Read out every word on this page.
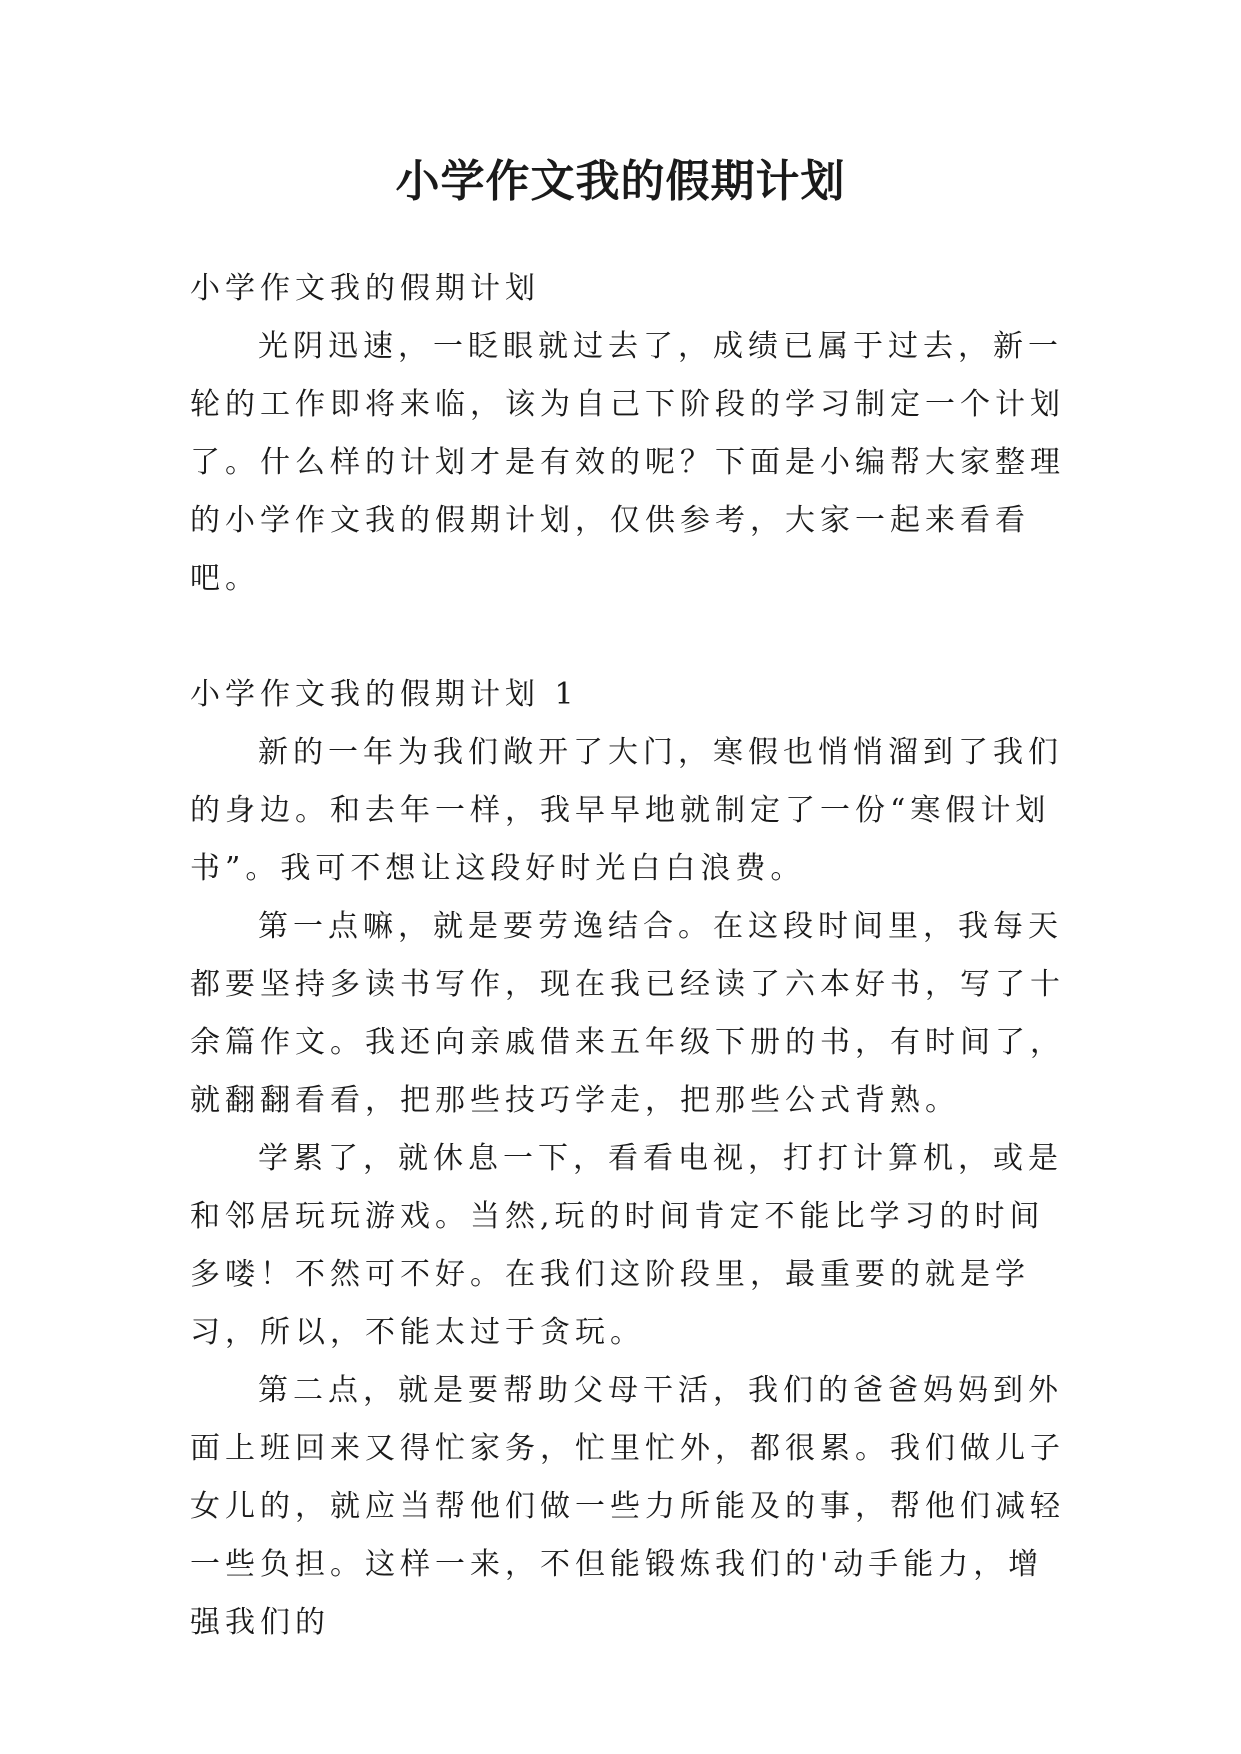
小学作文我的假期计划

小学作文我的假期计划

光阴迅速，一眨眼就过去了，成绩已属于过去，新一轮的工作即将来临，该为自己下阶段的学习制定一个计划了。什么样的计划才是有效的呢？下面是小编帮大家整理的小学作文我的假期计划，仅供参考，大家一起来看看吧。

小学作文我的假期计划 1

新的一年为我们敞开了大门，寒假也悄悄溜到了我们的身边。和去年一样，我早早地就制定了一份“寒假计划书”。我可不想让这段好时光白白浪费。

第一点嘛，就是要劳逸结合。在这段时间里，我每天都要坚持多读书写作，现在我已经读了六本好书，写了十余篇作文。我还向亲戚借来五年级下册的书，有时间了，就翻翻看看，把那些技巧学走，把那些公式背熟。

学累了，就休息一下，看看电视，打打计算机，或是和邻居玩玩游戏。当然,玩的时间肯定不能比学习的时间多喽！不然可不好。在我们这阶段里，最重要的就是学习，所以，不能太过于贪玩。

第二点，就是要帮助父母干活，我们的爸爸妈妈到外面上班回来又得忙家务，忙里忙外，都很累。我们做儿子女儿的，就应当帮他们做一些力所能及的事，帮他们减轻一些负担。这样一来，不但能锻炼我们的'动手能力，增强我们的
